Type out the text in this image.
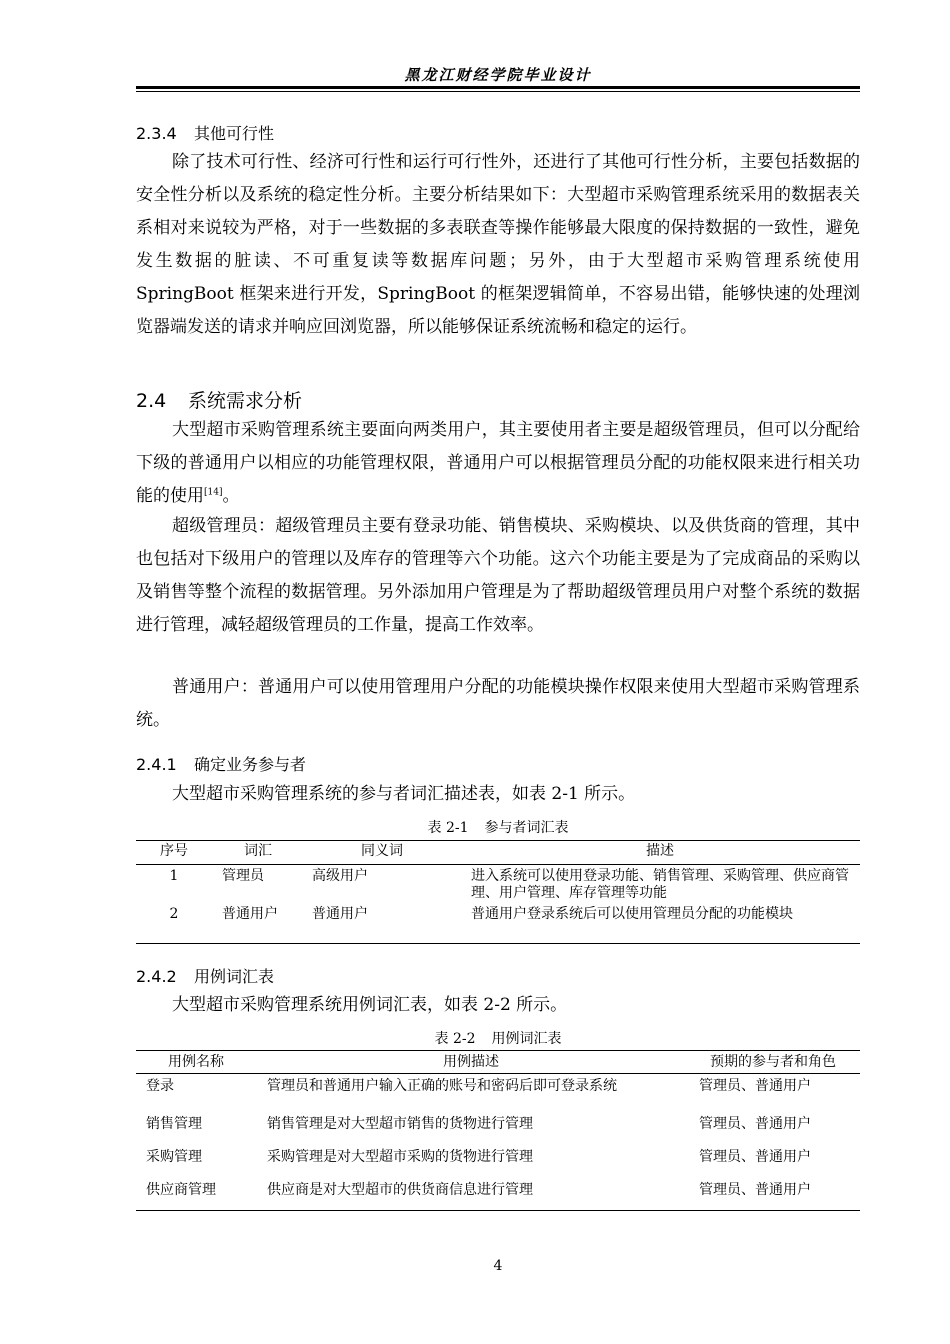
黑龙江财经学院毕业设计
2.3.4 其他可行性

除了技术可行性、经济可行性和运行可行性外，还进行了其他可行性分析，主要包括数据的安全性分析以及系统的稳定性分析。主要分析结果如下：大型超市采购管理系统采用的数据表关系相对来说较为严格，对于一些数据的多表联查等操作能够最大限度的保持数据的一致性，避免发生数据的脏读、不可重复读等数据库问题；另外，由于大型超市采购管理系统使用 SpringBoot 框架来进行开发，SpringBoot 的框架逻辑简单，不容易出错，能够快速的处理浏览器端发送的请求并响应回浏览器，所以能够保证系统流畅和稳定的运行。

2.4 系统需求分析

大型超市采购管理系统主要面向两类用户，其主要使用者主要是超级管理员，但可以分配给下级的普通用户以相应的功能管理权限，普通用户可以根据管理员分配的功能权限来进行相关功能的使用[14]。

超级管理员：超级管理员主要有登录功能、销售模块、采购模块、以及供货商的管理，其中也包括对下级用户的管理以及库存的管理等六个功能。这六个功能主要是为了完成商品的采购以及销售等整个流程的数据管理。另外添加用户管理是为了帮助超级管理员用户对整个系统的数据进行管理，减轻超级管理员的工作量，提高工作效率。

普通用户：普通用户可以使用管理用户分配的功能模块操作权限来使用大型超市采购管理系统。

2.4.1 确定业务参与者

大型超市采购管理系统的参与者词汇描述表，如表 2-1 所示。

表 2-1 参与者词汇表
序号	词汇	同义词	描述
1	管理员	高级用户	进入系统可以使用登录功能、销售管理、采购管理、供应商管理、用户管理、库存管理等功能
2	普通用户	普通用户	普通用户登录系统后可以使用管理员分配的功能模块
2.4.2 用例词汇表

大型超市采购管理系统用例词汇表，如表 2-2 所示。

表 2-2 用例词汇表
用例名称	用例描述	预期的参与者和角色
登录	管理员和普通用户输入正确的账号和密码后即可登录系统	管理员、普通用户
销售管理	销售管理是对大型超市销售的货物进行管理	管理员、普通用户
采购管理	采购管理是对大型超市采购的货物进行管理	管理员、普通用户
供应商管理	供应商是对大型超市的供货商信息进行管理	管理员、普通用户
4
